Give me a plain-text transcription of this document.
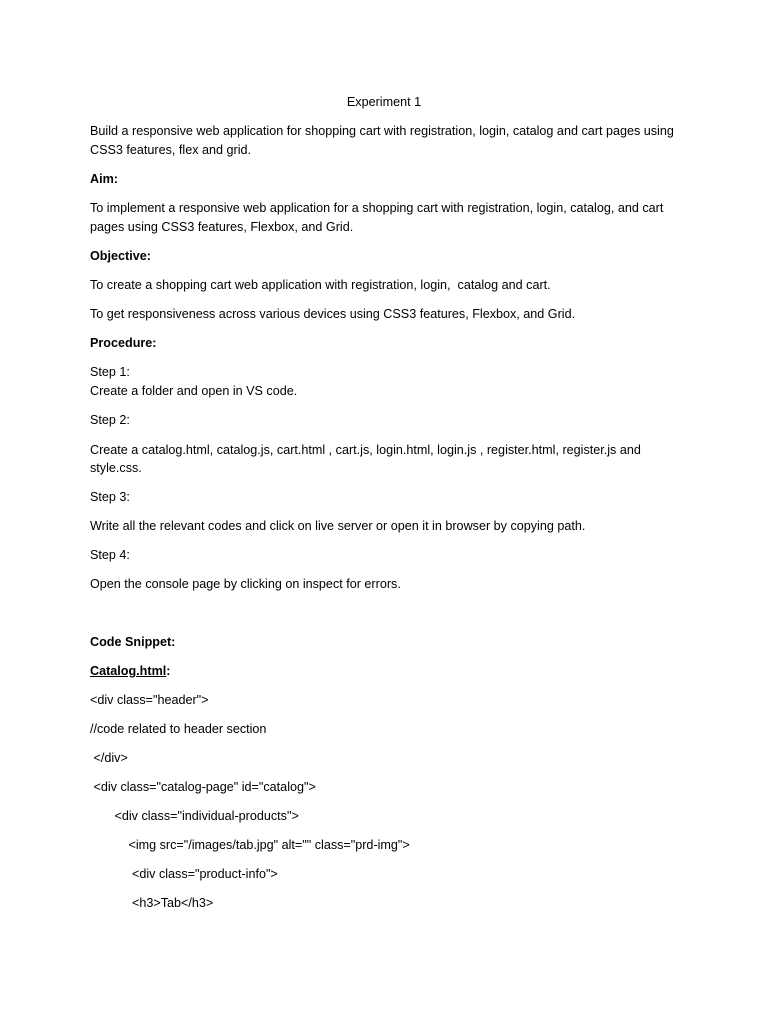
Experiment 1
Build a responsive web application for shopping cart with registration, login, catalog and cart pages using
CSS3 features, flex and grid.
Aim:
To implement a responsive web application for a shopping cart with registration, login, catalog, and cart
pages using CSS3 features, Flexbox, and Grid.
Objective:
To create a shopping cart web application with registration, login,  catalog and cart.
To get responsiveness across various devices using CSS3 features, Flexbox, and Grid.
Procedure:
Step 1:
Create a folder and open in VS code.
Step 2:
Create a catalog.html, catalog.js, cart.html , cart.js, login.html, login.js , register.html, register.js and
style.css.
Step 3:
Write all the relevant codes and click on live server or open it in browser by copying path.
Step 4:
Open the console page by clicking on inspect for errors.
Code Snippet:
Catalog.html:
<div class="header">
//code related to header section
</div>
<div class="catalog-page" id="catalog">
<div class="individual-products">
<img src="/images/tab.jpg" alt="" class="prd-img">
<div class="product-info">
<h3>Tab</h3>
